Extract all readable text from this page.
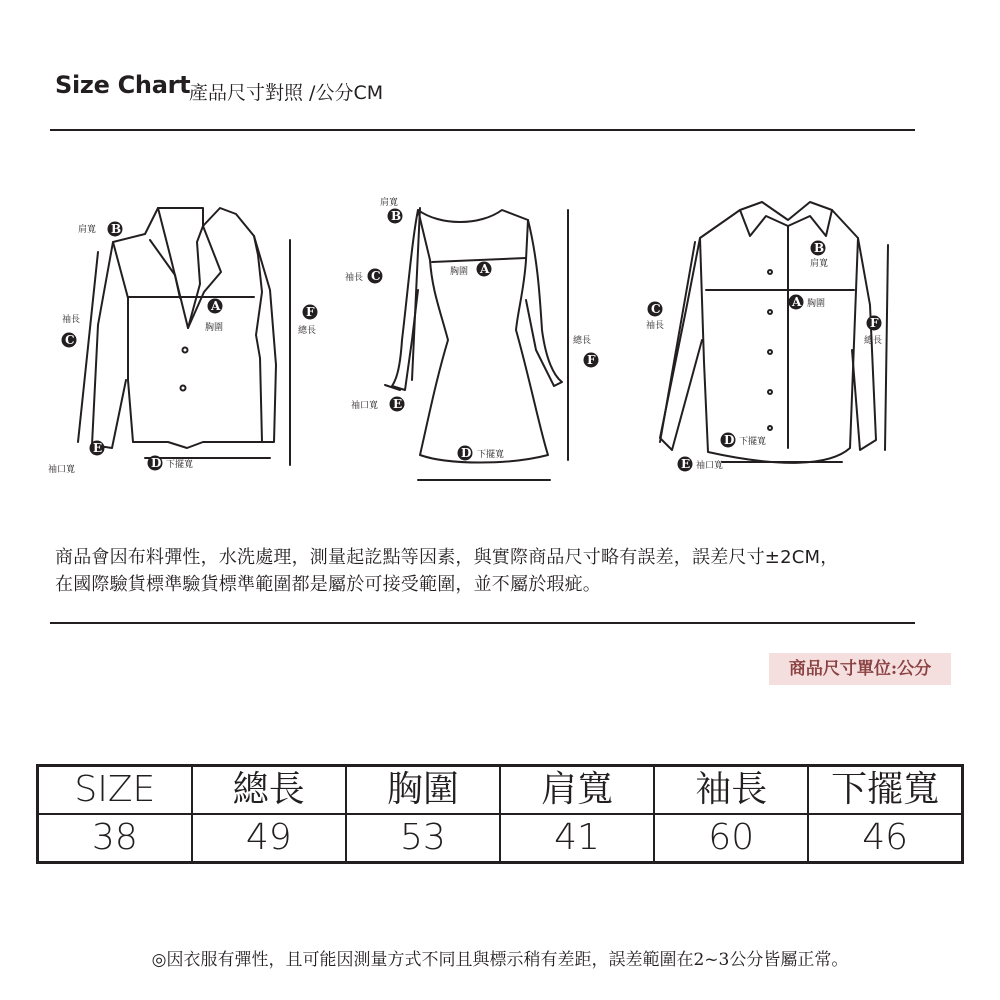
Size Chart
產品尺寸對照 /公分CM
肩寬 B
袖長
C
A
胸圍
F
總長
E
袖口寬	D 下擺寬
肩寬
B
袖長 C	胸圍 A
總長
F
袖口寬 E
D 下擺寬
B
肩寬
C
袖長
A 胸圍
F
總長
D 下擺寬
E 袖口寬
商品會因布料彈性，水洗處理，測量起訖點等因素，與實際商品尺寸略有誤差，誤差尺寸±2CM，
在國際驗貨標準驗貨標準範圍都是屬於可接受範圍，並不屬於瑕疵。
商品尺寸單位:公分
SIZE	總長	胸圍	肩寬	袖長	下擺寬
38	49	53	41	60	46
◎因衣服有彈性，且可能因測量方式不同且與標示稍有差距，誤差範圍在2~3公分皆屬正常。
